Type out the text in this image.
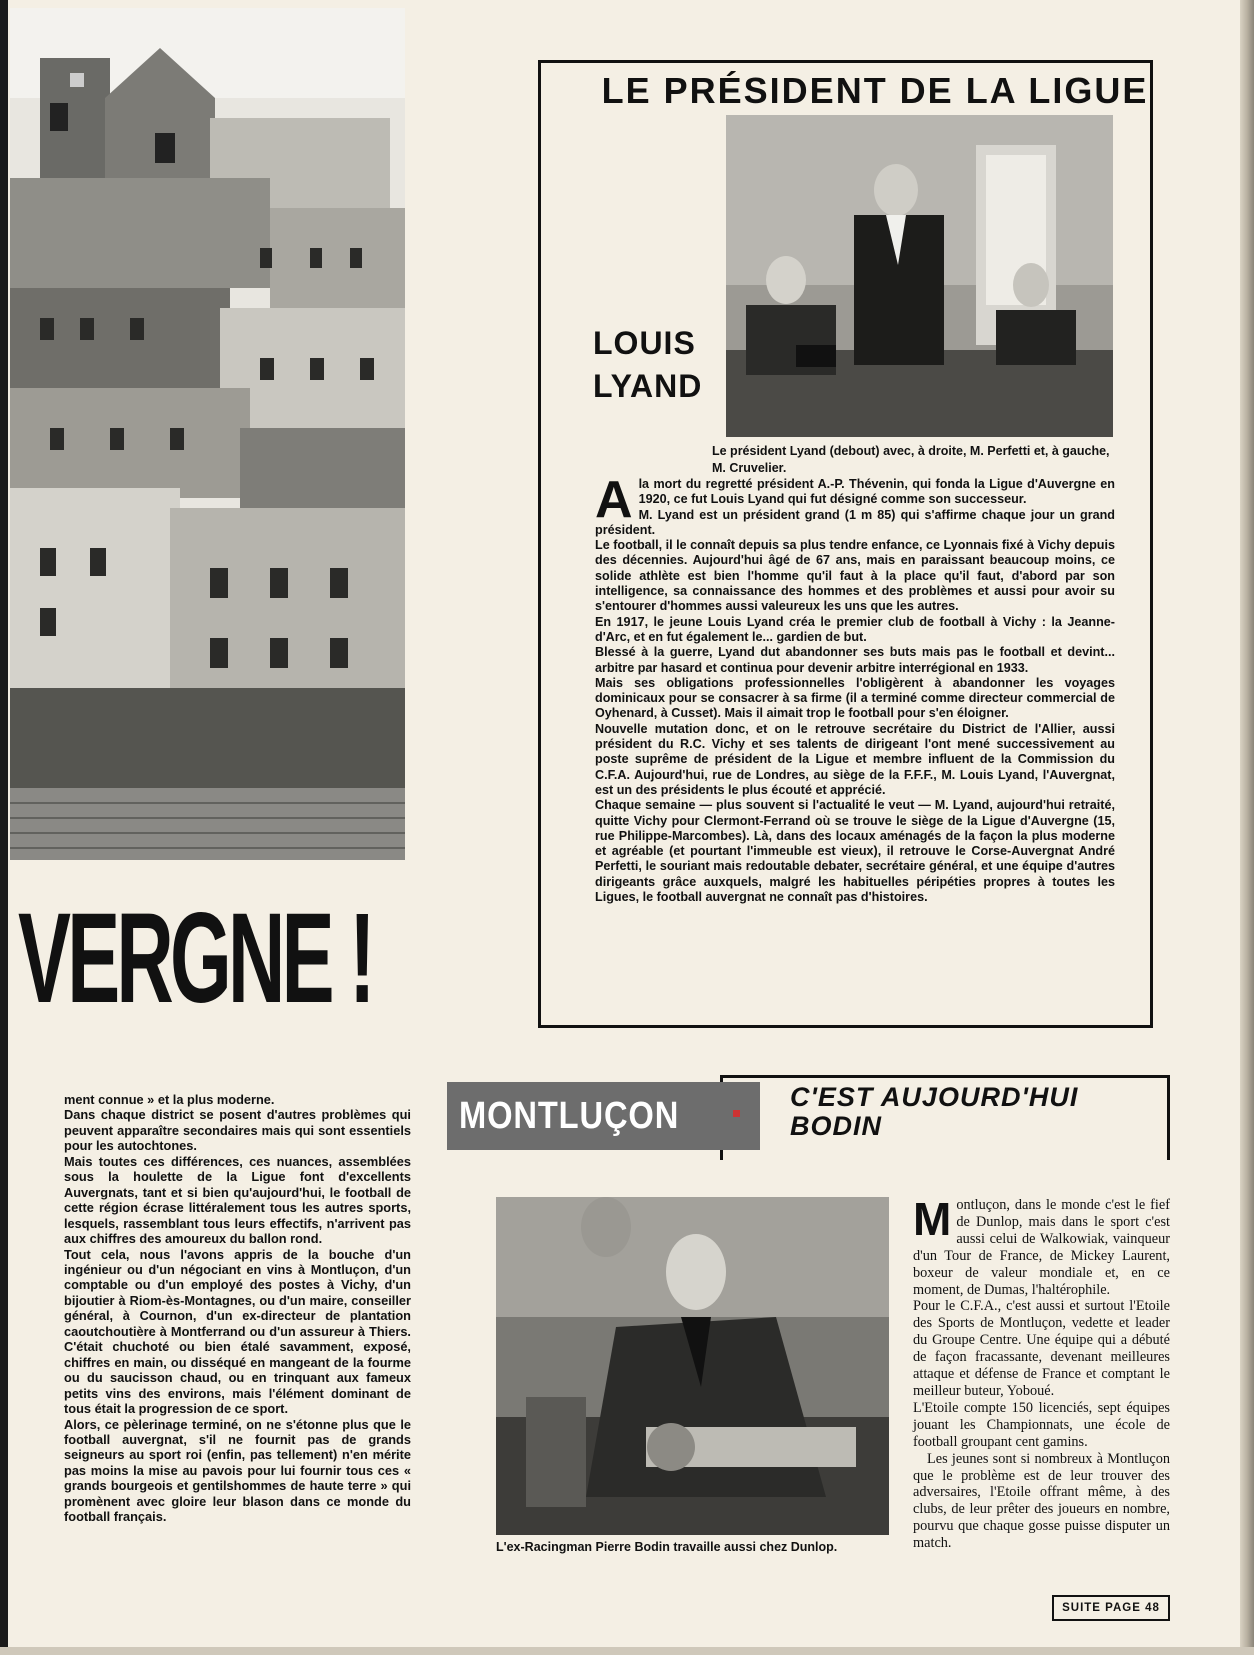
VERGNE !
LE PRÉSIDENT DE LA LIGUE
LOUIS
LYAND
Le président Lyand (debout) avec, à droite, M. Perfetti et, à gauche, M. Cruvelier.
A la mort du regretté président A.-P. Thévenin, qui fonda la Ligue d'Auvergne en 1920, ce fut Louis Lyand qui fut désigné comme son successeur.

M. Lyand est un président grand (1 m 85) qui s'affirme chaque jour un grand président.

Le football, il le connaît depuis sa plus tendre enfance, ce Lyonnais fixé à Vichy depuis des décennies. Aujourd'hui âgé de 67 ans, mais en paraissant beaucoup moins, ce solide athlète est bien l'homme qu'il faut à la place qu'il faut, d'abord par son intelligence, sa connaissance des hommes et des problèmes et aussi pour avoir su s'entourer d'hommes aussi valeureux les uns que les autres.

En 1917, le jeune Louis Lyand créa le premier club de football à Vichy : la Jeanne-d'Arc, et en fut également le... gardien de but.

Blessé à la guerre, Lyand dut abandonner ses buts mais pas le football et devint... arbitre par hasard et continua pour devenir arbitre interrégional en 1933.

Mais ses obligations professionnelles l'obligèrent à abandonner les voyages dominicaux pour se consacrer à sa firme (il a terminé comme directeur commercial de Oyhenard, à Cusset). Mais il aimait trop le football pour s'en éloigner.

Nouvelle mutation donc, et on le retrouve secrétaire du District de l'Allier, aussi président du R.C. Vichy et ses talents de dirigeant l'ont mené successivement au poste suprême de président de la Ligue et membre influent de la Commission du C.F.A. Aujourd'hui, rue de Londres, au siège de la F.F.F., M. Louis Lyand, l'Auvergnat, est un des présidents le plus écouté et apprécié.

Chaque semaine — plus souvent si l'actualité le veut — M. Lyand, aujourd'hui retraité, quitte Vichy pour Clermont-Ferrand où se trouve le siège de la Ligue d'Auvergne (15, rue Philippe-Marcombes). Là, dans des locaux aménagés de la façon la plus moderne et agréable (et pourtant l'immeuble est vieux), il retrouve le Corse-Auvergnat André Perfetti, le souriant mais redoutable debater, secrétaire général, et une équipe d'autres dirigeants grâce auxquels, malgré les habituelles péripéties propres à toutes les Ligues, le football auvergnat ne connaît pas d'histoires.

ment connue » et la plus moderne.

Dans chaque district se posent d'autres problèmes qui peuvent apparaître secondaires mais qui sont essentiels pour les autochtones.

Mais toutes ces différences, ces nuances, assemblées sous la houlette de la Ligue font d'excellents Auvergnats, tant et si bien qu'aujourd'hui, le football de cette région écrase littéralement tous les autres sports, lesquels, rassemblant tous leurs effectifs, n'arrivent pas aux chiffres des amoureux du ballon rond.

Tout cela, nous l'avons appris de la bouche d'un ingénieur ou d'un négociant en vins à Montluçon, d'un comptable ou d'un employé des postes à Vichy, d'un bijoutier à Riom-ès-Montagnes, ou d'un maire, conseiller général, à Cournon, d'un ex-directeur de plantation caoutchoutière à Montferrand ou d'un assureur à Thiers. C'était chuchoté ou bien étalé savamment, exposé, chiffres en main, ou disséqué en mangeant de la fourme ou du saucisson chaud, ou en trinquant aux fameux petits vins des environs, mais l'élément dominant de tous était la progression de ce sport.

Alors, ce pèlerinage terminé, on ne s'étonne plus que le football auvergnat, s'il ne fournit pas de grands seigneurs au sport roi (enfin, pas tellement) n'en mérite pas moins la mise au pavois pour lui fournir tous ces « grands bourgeois et gentilshommes de haute terre » qui promènent avec gloire leur blason dans ce monde du football français.

MONTLUÇON	C'EST AUJOURD'HUI
BODIN
L'ex-Racingman Pierre Bodin travaille aussi chez Dunlop.
M ontluçon, dans le monde c'est le fief de Dunlop, mais dans le sport c'est aussi celui de Walkowiak, vainqueur d'un Tour de France, de Mickey Laurent, boxeur de valeur mondiale et, en ce moment, de Dumas, l'haltérophile.

Pour le C.F.A., c'est aussi et surtout l'Etoile des Sports de Montluçon, vedette et leader du Groupe Centre. Une équipe qui a débuté de façon fracassante, devenant meilleures attaque et défense de France et comptant le meilleur buteur, Yoboué.

L'Etoile compte 150 licenciés, sept équipes jouant les Championnats, une école de football groupant cent gamins.

Les jeunes sont si nombreux à Montluçon que le problème est de leur trouver des adversaires, l'Etoile offrant même, à des clubs, de leur prêter des joueurs en nombre, pourvu que chaque gosse puisse disputer un match.

SUITE PAGE 48
